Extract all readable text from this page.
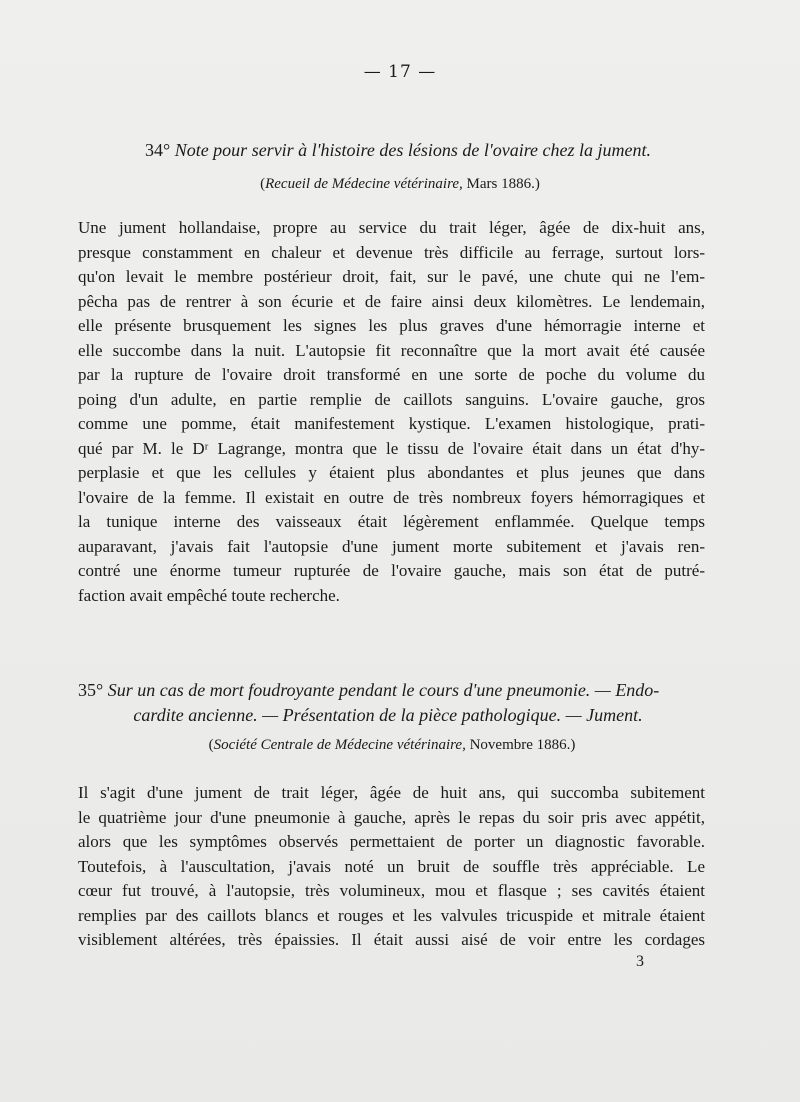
— 17 —
34° Note pour servir à l'histoire des lésions de l'ovaire chez la jument.
(Recueil de Médecine vétérinaire, Mars 1886.)
Une jument hollandaise, propre au service du trait léger, âgée de dix-huit ans,
presque constamment en chaleur et devenue très difficile au ferrage, surtout lors-
qu'on levait le membre postérieur droit, fait, sur le pavé, une chute qui ne l'em-
pêcha pas de rentrer à son écurie et de faire ainsi deux kilomètres. Le lendemain,
elle présente brusquement les signes les plus graves d'une hémorragie interne et
elle succombe dans la nuit. L'autopsie fit reconnaître que la mort avait été causée
par la rupture de l'ovaire droit transformé en une sorte de poche du volume du
poing d'un adulte, en partie remplie de caillots sanguins. L'ovaire gauche, gros
comme une pomme, était manifestement kystique. L'examen histologique, prati-
qué par M. le Dʳ Lagrange, montra que le tissu de l'ovaire était dans un état d'hy-
perplasie et que les cellules y étaient plus abondantes et plus jeunes que dans
l'ovaire de la femme. Il existait en outre de très nombreux foyers hémorragiques et
la tunique interne des vaisseaux était légèrement enflammée. Quelque temps
auparavant, j'avais fait l'autopsie d'une jument morte subitement et j'avais ren-
contré une énorme tumeur rupturée de l'ovaire gauche, mais son état de putré-
faction avait empêché toute recherche.
35° Sur un cas de mort foudroyante pendant le cours d'une pneumonie. — Endo-
cardite ancienne. — Présentation de la pièce pathologique. — Jument.
(Société Centrale de Médecine vétérinaire, Novembre 1886.)
Il s'agit d'une jument de trait léger, âgée de huit ans, qui succomba subitement
le quatrième jour d'une pneumonie à gauche, après le repas du soir pris avec appétit,
alors que les symptômes observés permettaient de porter un diagnostic favorable.
Toutefois, à l'auscultation, j'avais noté un bruit de souffle très appréciable. Le
cœur fut trouvé, à l'autopsie, très volumineux, mou et flasque ; ses cavités étaient
remplies par des caillots blancs et rouges et les valvules tricuspide et mitrale étaient
visiblement altérées, très épaissies. Il était aussi aisé de voir entre les cordages
3
